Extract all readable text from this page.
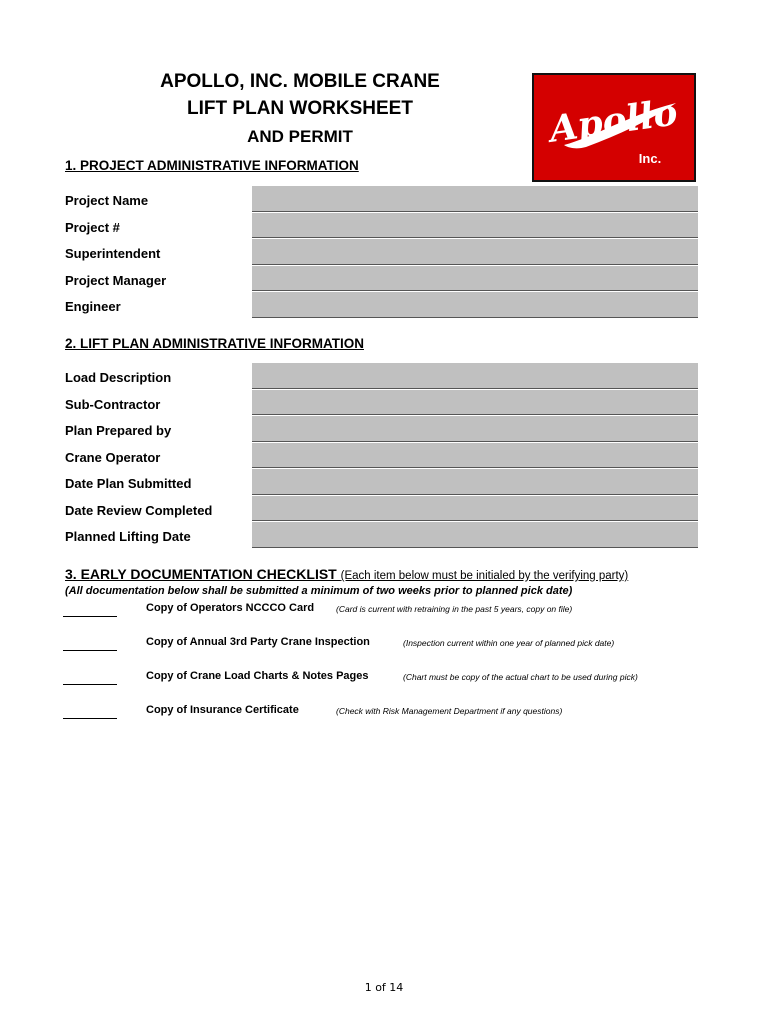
APOLLO, INC. MOBILE CRANE
LIFT PLAN WORKSHEET
AND PERMIT	Apollo
Inc.
1. PROJECT ADMINISTRATIVE INFORMATION
Project Name
Project #
Superintendent
Project Manager
Engineer
2. LIFT PLAN ADMINISTRATIVE INFORMATION
Load Description
Sub-Contractor
Plan Prepared by
Crane Operator
Date Plan Submitted
Date Review Completed
Planned Lifting Date
3. EARLY DOCUMENTATION CHECKLIST (Each item below must be initialed by the verifying party)
(All documentation below shall be submitted a minimum of two weeks prior to planned pick date)
Copy of Operators NCCCO Card	(Card is current with retraining in the past 5 years, copy on file)
Copy of Annual 3rd Party Crane Inspection	(Inspection current within one year of planned pick date)
Copy of Crane Load Charts & Notes Pages	(Chart must be copy of the actual chart to be used during pick)
Copy of Insurance Certificate	(Check with Risk Management Department if any questions)
1 of 14
